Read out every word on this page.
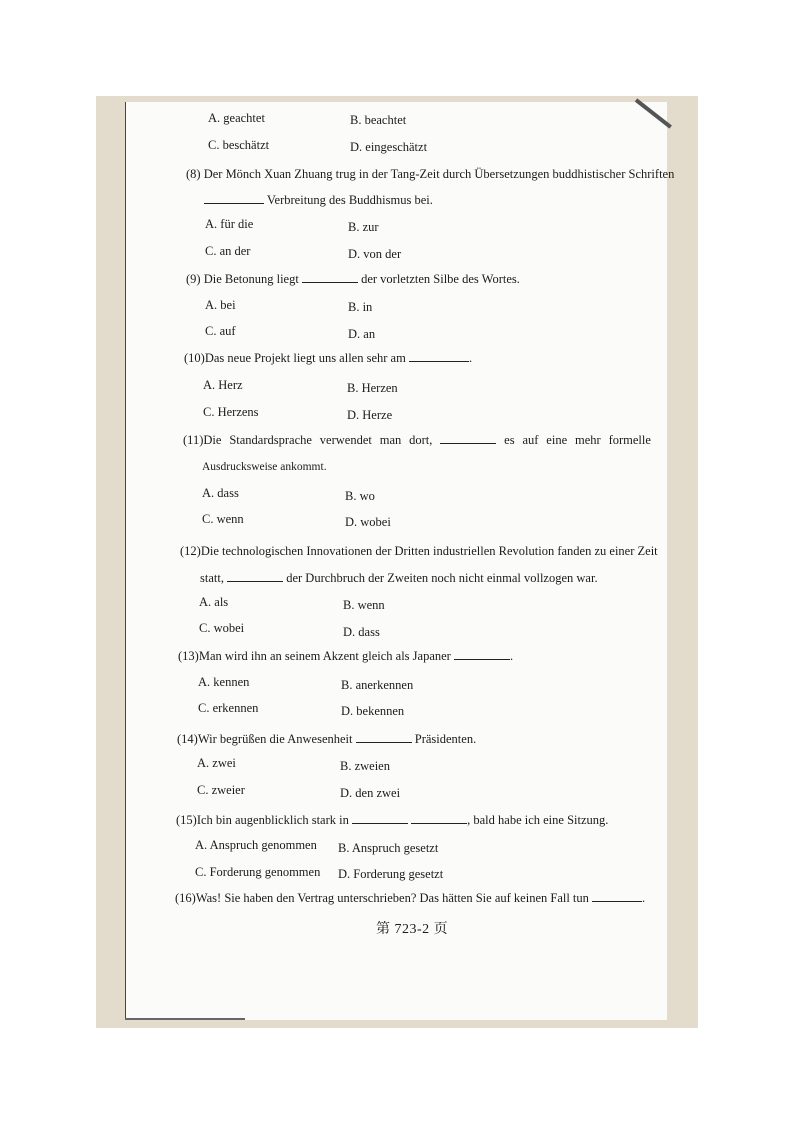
A. geachtet	B. beachtet
C. beschätzt	D. eingeschätzt
(8) Der Mönch Xuan Zhuang trug in der Tang-Zeit durch Übersetzungen buddhistischer Schriften
Verbreitung des Buddhismus bei.
A. für die	B. zur
C. an der	D. von der
(9) Die Betonung liegt	der vorletzten Silbe des Wortes.
A. bei	B. in
C. auf	D. an
(10)Das neue Projekt liegt uns allen sehr am	.
A. Herz	B. Herzen
C. Herzens	D. Herze
(11)Die Standardsprache verwendet man dort,	es auf eine mehr formelle
Ausdrucksweise ankommt.
A. dass	B. wo
C. wenn	D. wobei
(12)Die technologischen Innovationen der Dritten industriellen Revolution fanden zu einer Zeit
statt,	der Durchbruch der Zweiten noch nicht einmal vollzogen war.
A. als	B. wenn
C. wobei	D. dass
(13)Man wird ihn an seinem Akzent gleich als Japaner	.
A. kennen	B. anerkennen
C. erkennen	D. bekennen
(14)Wir begrüßen die Anwesenheit	Präsidenten.
A. zwei	B. zweien
C. zweier	D. den zwei
(15)Ich bin augenblicklich stark in	, bald habe ich eine Sitzung.
A. Anspruch genommen B. Anspruch gesetzt
C. Forderung genommen D. Forderung gesetzt
(16)Was! Sie haben den Vertrag unterschrieben? Das hätten Sie auf keinen Fall tun	.
第 723-2 页
